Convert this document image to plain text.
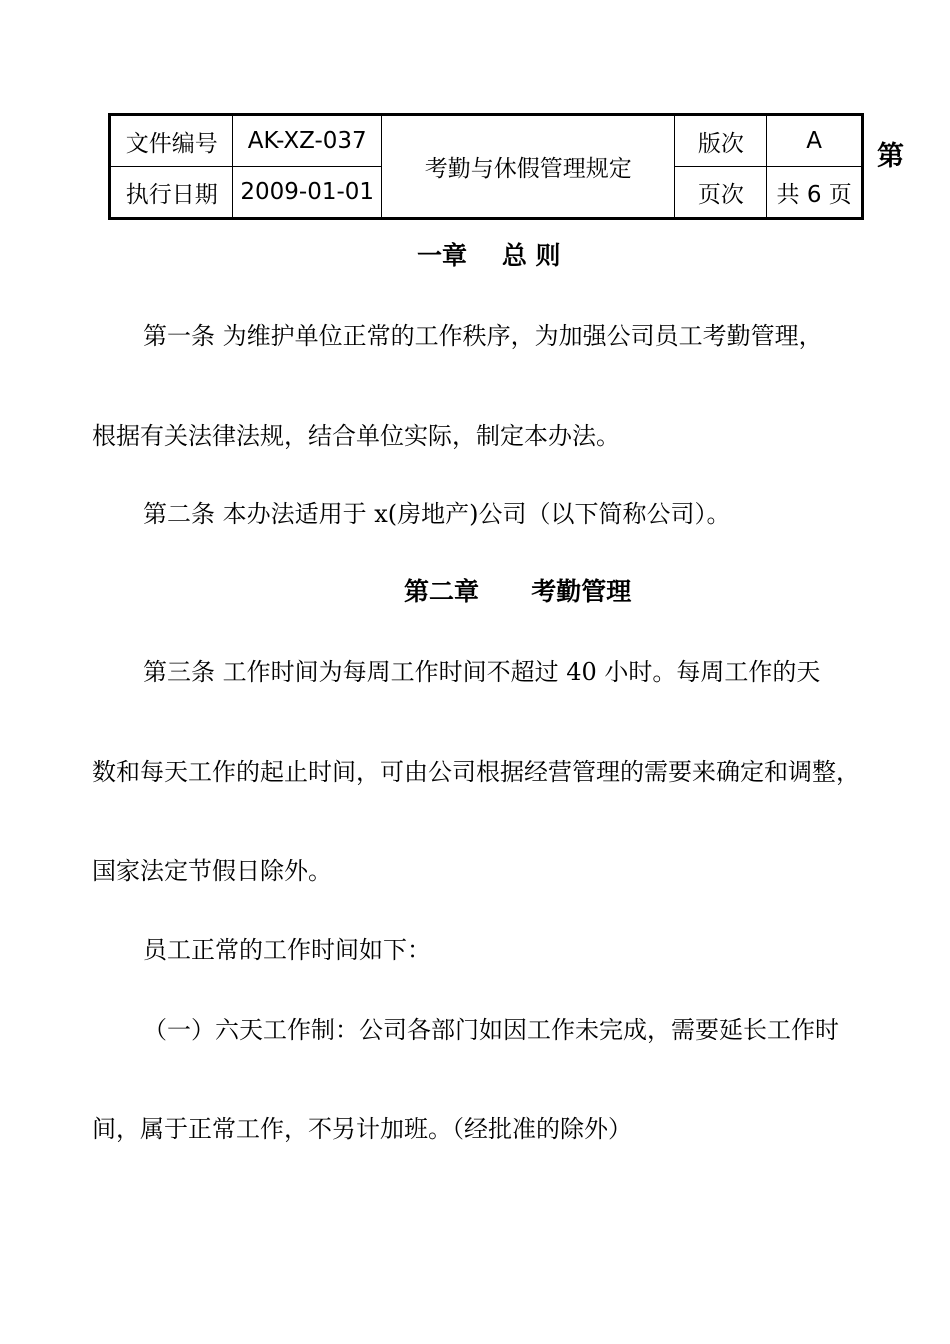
文件编号	AK-XZ-037	考勤与休假管理规定	版次	A
执行日期	2009-01-01		页次	共 6 页
第
一章    总 则
第一条 为维护单位正常的工作秩序，为加强公司员工考勤管理，
根据有关法律法规，结合单位实际，制定本办法。
第二条 本办法适用于 x(房地产)公司（以下简称公司）。
第二章      考勤管理
第三条 工作时间为每周工作时间不超过 40 小时。每周工作的天
数和每天工作的起止时间，可由公司根据经营管理的需要来确定和调整，
国家法定节假日除外。
员工正常的工作时间如下：
（一）六天工作制：公司各部门如因工作未完成，需要延长工作时
间，属于正常工作，不另计加班。（经批准的除外）
